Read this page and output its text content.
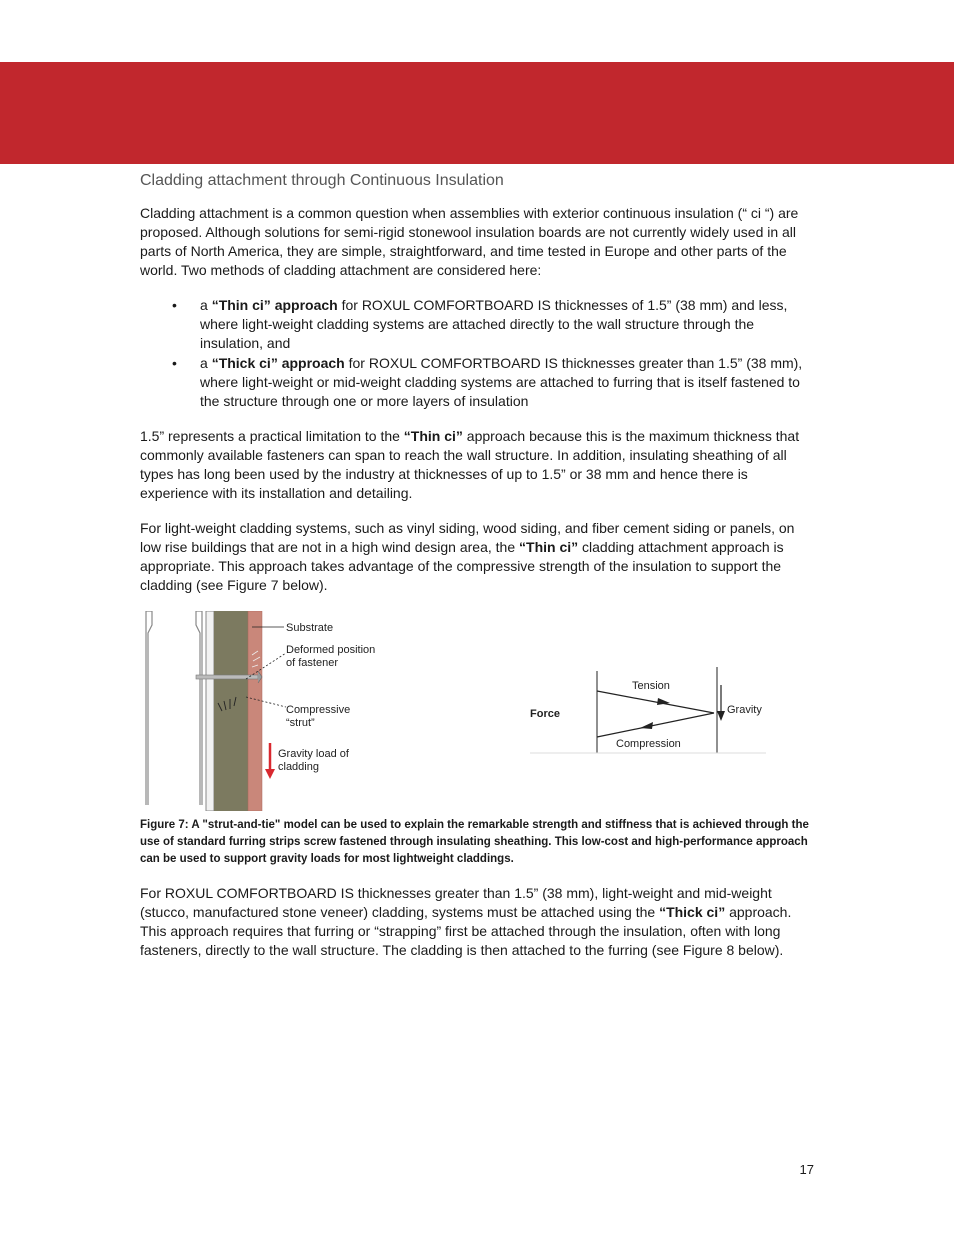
Cladding attachment through Continuous Insulation

Cladding attachment is a common question when assemblies with exterior continuous insulation (“ ci “) are proposed. Although solutions for semi-rigid stonewool insulation boards are not currently widely used in all parts of North America, they are simple, straightforward, and time tested in Europe and other parts of the world. Two methods of cladding attachment are considered here:

• a “Thin ci” approach for ROXUL COMFORTBOARD IS thicknesses of 1.5” (38 mm) and less, where light-weight cladding systems are attached directly to the wall structure through the insulation, and
• a “Thick ci” approach for ROXUL COMFORTBOARD IS thicknesses greater than 1.5” (38 mm), where light-weight or mid-weight cladding systems are attached to furring that is itself fastened to the structure through one or more layers of insulation

1.5” represents a practical limitation to the “Thin ci” approach because this is the maximum thickness that commonly available fasteners can span to reach the wall structure. In addition, insulating sheathing of all types has long been used by the industry at thicknesses of up to 1.5” or 38 mm and hence there is experience with its installation and detailing.

For light-weight cladding systems, such as vinyl siding, wood siding, and fiber cement siding or panels, on low rise buildings that are not in a high wind design area, the “Thin ci” cladding attachment approach is appropriate. This approach takes advantage of the compressive strength of the insulation to support the cladding (see Figure 7 below).

Substrate
Deformed position
of fastener
Compressive
“strut”
Gravity load of
cladding
Force
Tension
Compression
Gravity

Figure 7: A "strut-and-tie" model can be used to explain the remarkable strength and stiffness that is achieved through the use of standard furring strips screw fastened through insulating sheathing. This low-cost and high-performance approach can be used to support gravity loads for most lightweight claddings.

For ROXUL COMFORTBOARD IS thicknesses greater than 1.5” (38 mm), light-weight and mid-weight (stucco, manufactured stone veneer) cladding, systems must be attached using the “Thick ci” approach. This approach requires that furring or “strapping” first be attached through the insulation, often with long fasteners, directly to the wall structure. The cladding is then attached to the furring (see Figure 8 below).

17
